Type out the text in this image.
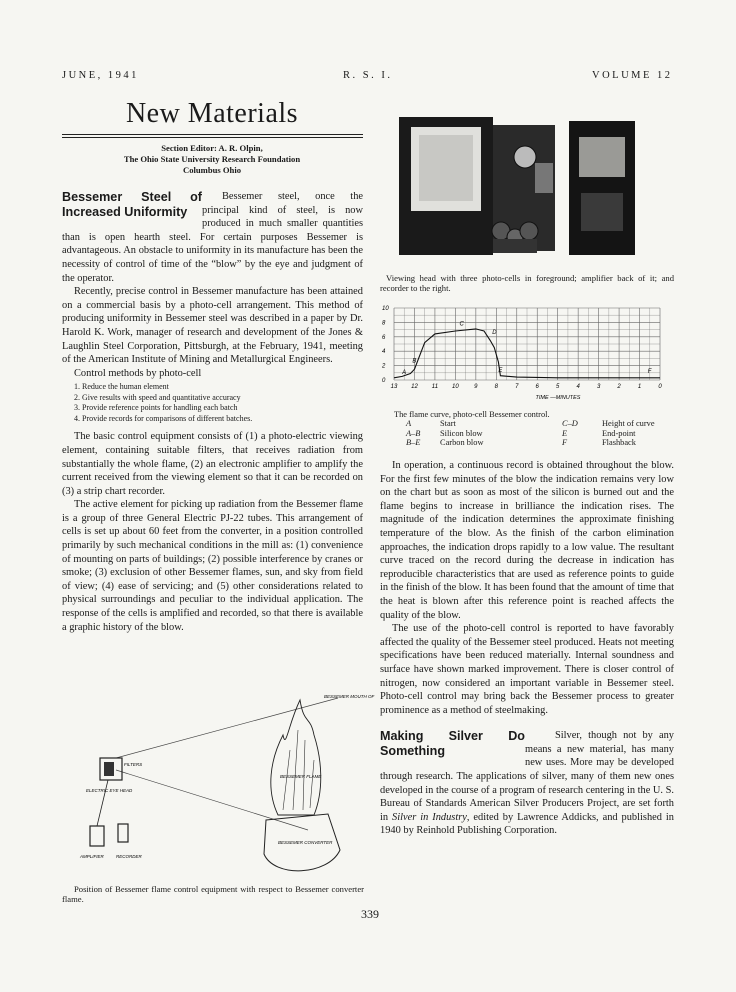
JUNE, 1941	R. S. I.	VOLUME 12
New Materials
Section Editor: A. R. Olpin,
The Ohio State University Research Foundation
Columbus Ohio
Bessemer Steel of Increased Uniformity

Bessemer steel, once the principal kind of steel, is now produced in much smaller quantities than is open hearth steel. For certain purposes Bessemer is advantageous. An obstacle to uniformity in its manufacture has been the necessity of control of time of the “blow” by the eye and judgment of the operator.

Recently, precise control in Bessemer manufacture has been attained on a commercial basis by a photo-cell arrangement. This method of producing uniformity in Bessemer steel was described in a paper by Dr. Harold K. Work, manager of research and development of the Jones & Laughlin Steel Corporation, Pittsburgh, at the February, 1941, meeting of the American Institute of Mining and Metallurgical Engineers.

Control methods by photo-cell

1. Reduce the human element
2. Give results with speed and quantitative accuracy
3. Provide reference points for handling each batch
4. Provide records for comparisons of different batches.

The basic control equipment consists of (1) a photo-electric viewing element, containing suitable filters, that receives radiation from substantially the whole flame, (2) an electronic amplifier to amplify the current received from the viewing element so that it can be recorded on (3) a strip chart recorder.

The active element for picking up radiation from the Bessemer flame is a group of three General Electric PJ-22 tubes. This arrangement of cells is set up about 60 feet from the converter, in a position controlled primarily by such mechanical conditions in the mill as: (1) convenience of mounting on parts of buildings; (2) possible interference by cranes or smoke; (3) exclusion of other Bessemer flames, sun, and sky from field of view; (4) ease of servicing; and (5) other considerations related to physical surroundings and peculiar to the individual application. The response of the cells is amplified and recorded, so that there is available a graphic history of the blow.

FILTERS
ELECTRIC EYE HEAD
AMPLIFIER	RECORDER
BESSEMER FLAME
BESSEMER CONVERTER
BESSEMER MOUTH OF
Position of Bessemer flame control equipment with respect to Bessemer converter flame.
Viewing head with three photo-cells in foreground; amplifier back of it; and recorder to the right.
13 12 11 10	9	8	7	6	5	4	3	2	1	0
0
2
4
6
8
10
A
B
C
D
E	F
TIME —MINUTES
The flame curve, photo-cell Bessemer control.
A	Start	C–D	Height of curve
A–B	Silicon blow	E	End-point
B–E	Carbon blow	F	Flashback

In operation, a continuous record is obtained throughout the blow. For the first few minutes of the blow the indication remains very low on the chart but as soon as most of the silicon is burned out and the flame begins to increase in brilliance the indication rises. The magnitude of the indication determines the approximate finishing temperature of the blow. As the finish of the carbon elimination approaches, the indication drops rapidly to a low value. The resultant curve traced on the record during the decrease in indication has reproducible characteristics that are used as reference points to guide in the finish of the blow. It has been found that the amount of time that the heat is blown after this reference point is reached affects the quality of the blow.

The use of the photo-cell control is reported to have favorably affected the quality of the Bessemer steel produced. Heats not meeting specifications have been reduced materially. Internal soundness and surface have shown marked improvement. There is closer control of nitrogen, now considered an important variable in Bessemer steel. Photo-cell control may bring back the Bessemer process to greater prominence as a method of steelmaking.

Making Silver Do Something

Silver, though not by any means a new material, has many new uses. More may be developed through research. The applications of silver, many of them new ones developed in the course of a program of research centering in the U. S. Bureau of Standards American Silver Producers Project, are set forth in Silver in Industry, edited by Lawrence Addicks, and published in 1940 by Reinhold Publishing Corporation.

339
